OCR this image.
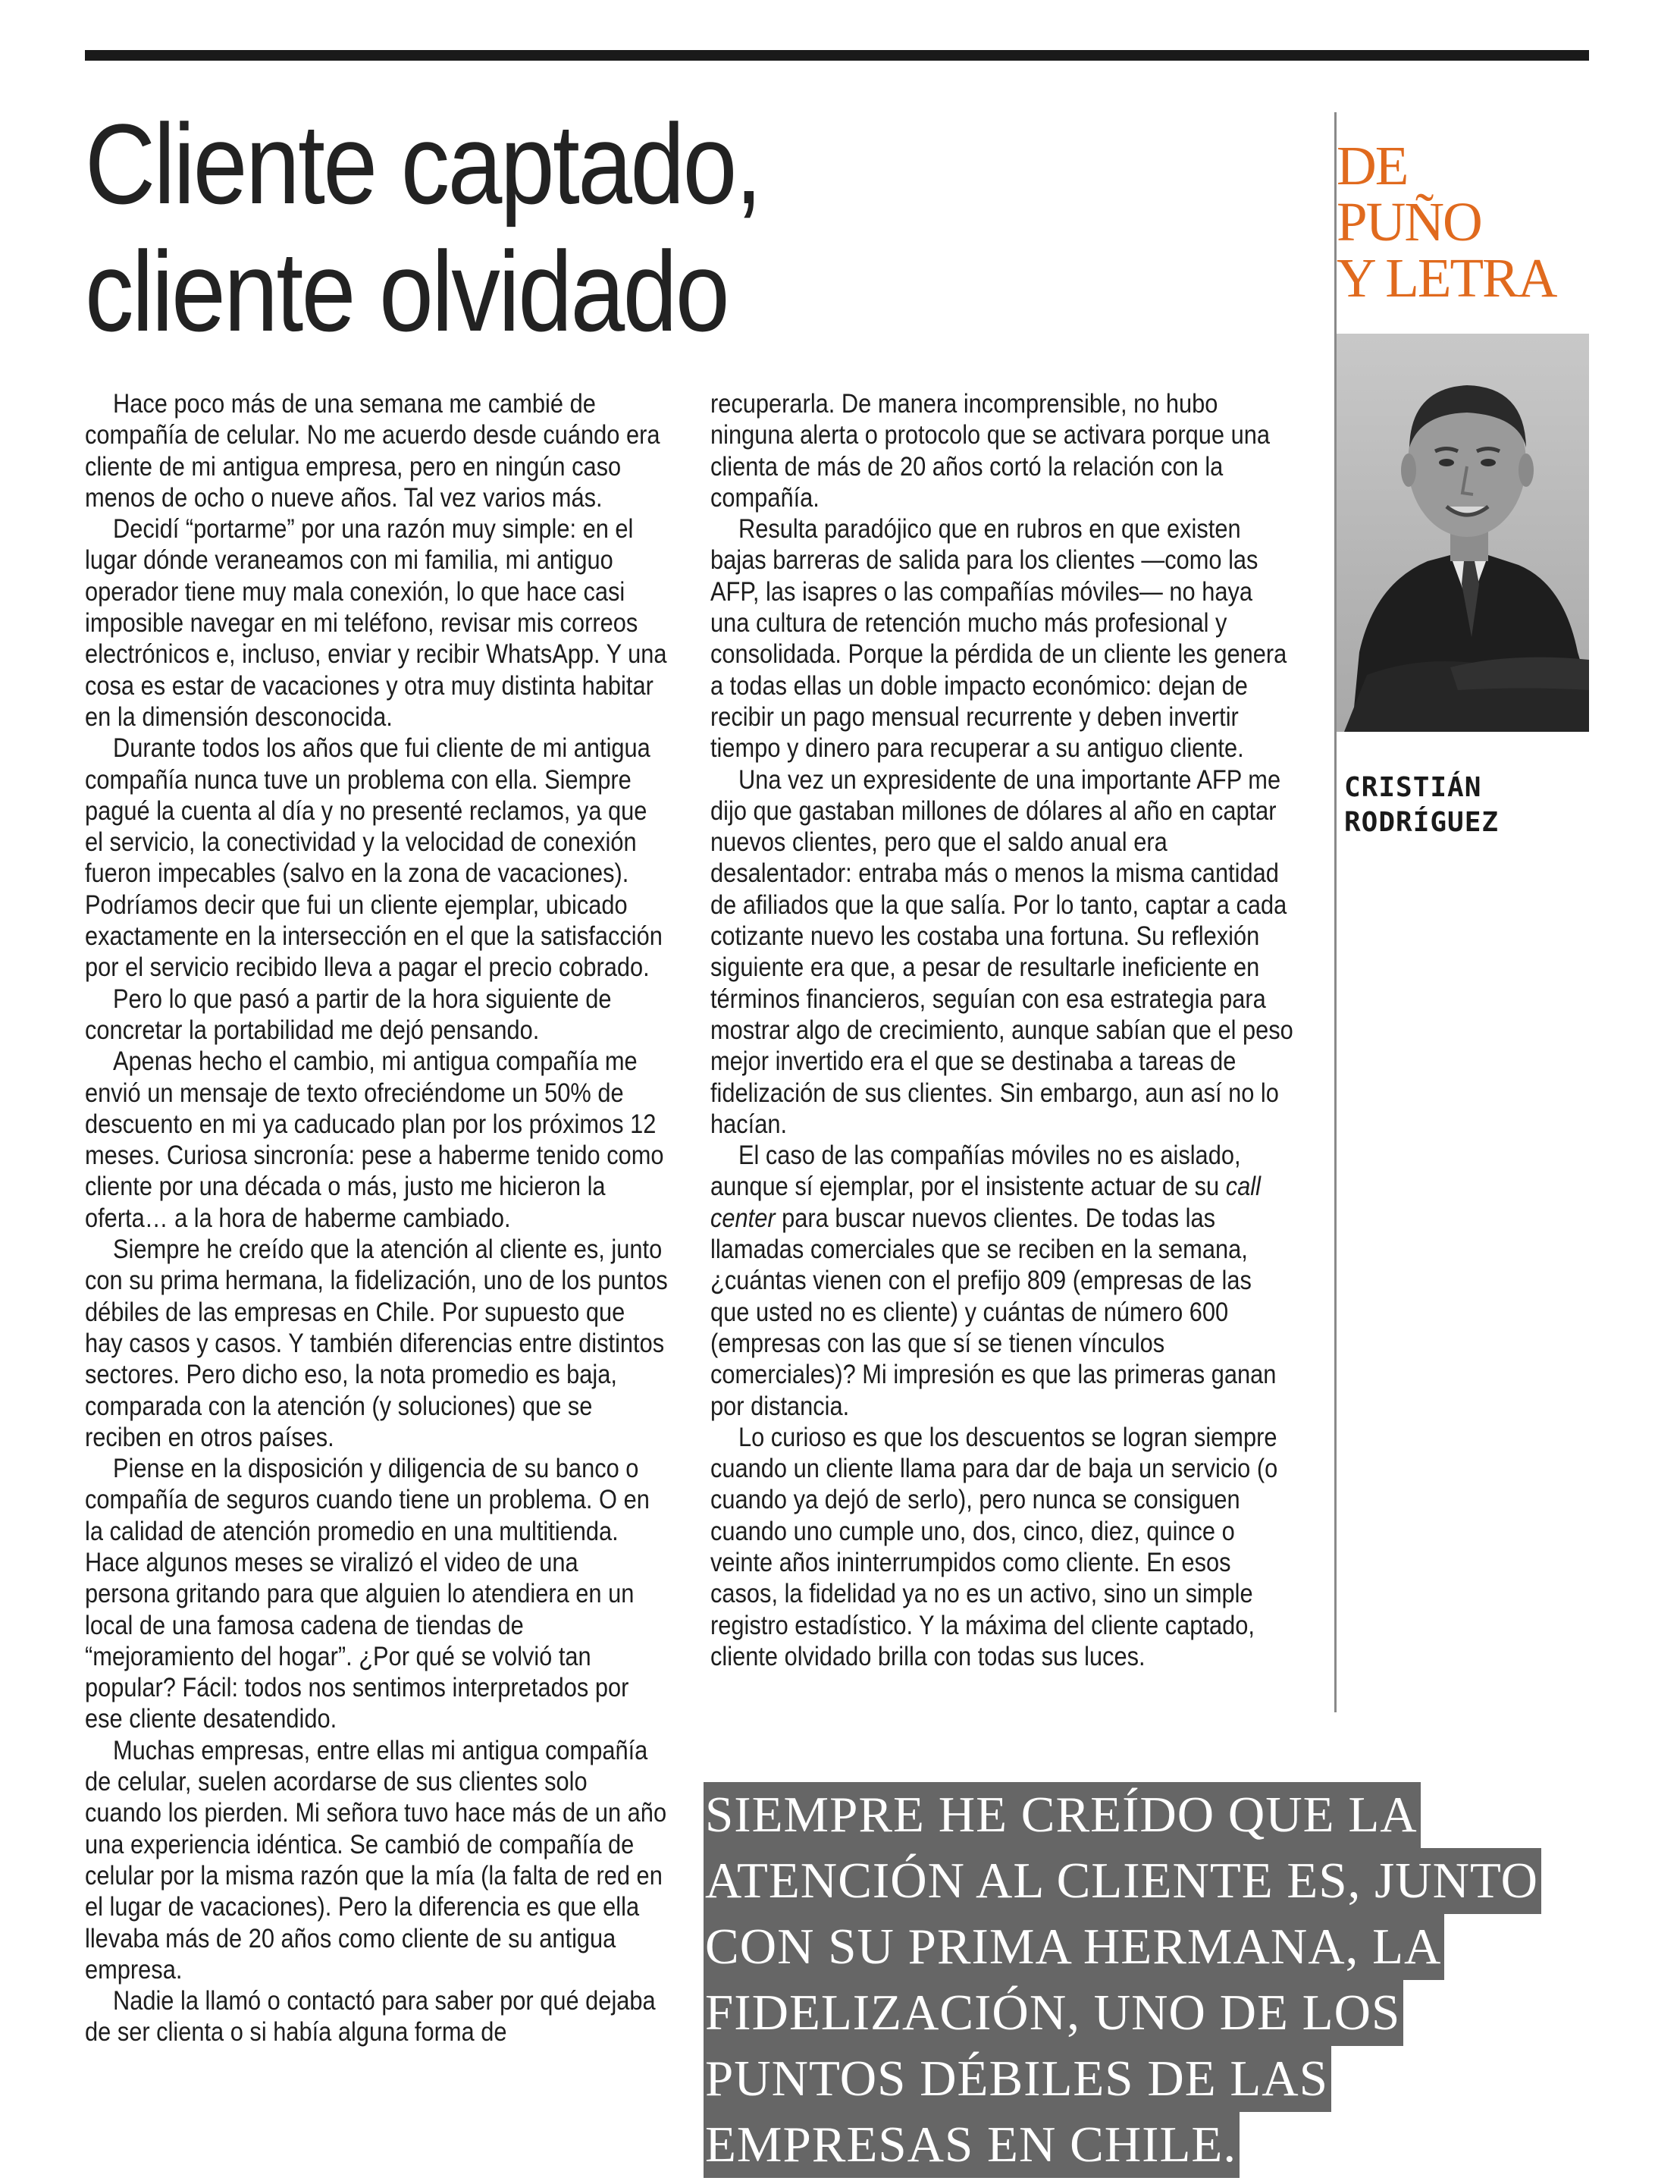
Cliente captado,
cliente olvidado

Hace poco más de una semana me cambié de compañía de celular. No me acuerdo desde cuándo era cliente de mi antigua empresa, pero en ningún caso menos de ocho o nueve años. Tal vez varios más.

Decidí “portarme” por una razón muy simple: en el lugar dónde veraneamos con mi familia, mi antiguo operador tiene muy mala conexión, lo que hace casi imposible navegar en mi teléfono, revisar mis correos electrónicos e, incluso, enviar y recibir WhatsApp. Y una cosa es estar de vacaciones y otra muy distinta habitar en la dimensión desconocida.

Durante todos los años que fui cliente de mi antigua compañía nunca tuve un problema con ella. Siempre pagué la cuenta al día y no presenté reclamos, ya que el servicio, la conectividad y la velocidad de conexión fueron impecables (salvo en la zona de vacaciones). Podríamos decir que fui un cliente ejemplar, ubicado exactamente en la intersección en el que la satisfacción por el servicio recibido lleva a pagar el precio cobrado.

Pero lo que pasó a partir de la hora siguiente de concretar la portabilidad me dejó pensando.

Apenas hecho el cambio, mi antigua compañía me envió un mensaje de texto ofreciéndome un 50% de descuento en mi ya caducado plan por los próximos 12 meses. Curiosa sincronía: pese a haberme tenido como cliente por una década o más, justo me hicieron la oferta… a la hora de haberme cambiado.

Siempre he creído que la atención al cliente es, junto con su prima hermana, la fidelización, uno de los puntos débiles de las empresas en Chile. Por supuesto que hay casos y casos. Y también diferencias entre distintos sectores. Pero dicho eso, la nota promedio es baja, comparada con la atención (y soluciones) que se reciben en otros países.

Piense en la disposición y diligencia de su banco o compañía de seguros cuando tiene un problema. O en la calidad de atención promedio en una multitienda. Hace algunos meses se viralizó el video de una persona gritando para que alguien lo atendiera en un local de una famosa cadena de tiendas de “mejoramiento del hogar”. ¿Por qué se volvió tan popular? Fácil: todos nos sentimos interpretados por ese cliente desatendido.

Muchas empresas, entre ellas mi antigua compañía de celular, suelen acordarse de sus clientes solo cuando los pierden. Mi señora tuvo hace más de un año una experiencia idéntica. Se cambió de compañía de celular por la misma razón que la mía (la falta de red en el lugar de vacaciones). Pero la diferencia es que ella llevaba más de 20 años como cliente de su antigua empresa.

Nadie la llamó o contactó para saber por qué dejaba de ser clienta o si había alguna forma de

recuperarla. De manera incomprensible, no hubo ninguna alerta o protocolo que se activara porque una clienta de más de 20 años cortó la relación con la compañía.

Resulta paradójico que en rubros en que existen bajas barreras de salida para los clientes —como las AFP, las isapres o las compañías móviles— no haya una cultura de retención mucho más profesional y consolidada. Porque la pérdida de un cliente les genera a todas ellas un doble impacto económico: dejan de recibir un pago mensual recurrente y deben invertir tiempo y dinero para recuperar a su antiguo cliente.

Una vez un expresidente de una importante AFP me dijo que gastaban millones de dólares al año en captar nuevos clientes, pero que el saldo anual era desalentador: entraba más o menos la misma cantidad de afiliados que la que salía. Por lo tanto, captar a cada cotizante nuevo les costaba una fortuna. Su reflexión siguiente era que, a pesar de resultarle ineficiente en términos financieros, seguían con esa estrategia para mostrar algo de crecimiento, aunque sabían que el peso mejor invertido era el que se destinaba a tareas de fidelización de sus clientes. Sin embargo, aun así no lo hacían.

El caso de las compañías móviles no es aislado, aunque sí ejemplar, por el insistente actuar de su call center para buscar nuevos clientes. De todas las llamadas comerciales que se reciben en la semana, ¿cuántas vienen con el prefijo 809 (empresas de las que usted no es cliente) y cuántas de número 600 (empresas con las que sí se tienen vínculos comerciales)? Mi impresión es que las primeras ganan por distancia.

Lo curioso es que los descuentos se logran siempre cuando un cliente llama para dar de baja un servicio (o cuando ya dejó de serlo), pero nunca se consiguen cuando uno cumple uno, dos, cinco, diez, quince o veinte años ininterrumpidos como cliente. En esos casos, la fidelidad ya no es un activo, sino un simple registro estadístico. Y la máxima del cliente captado, cliente olvidado brilla con todas sus luces.

DE
PUÑO
Y LETRA
CRISTIÁN
RODRÍGUEZ
SIEMPRE HE CREÍDO QUE LA
ATENCIÓN AL CLIENTE ES, JUNTO
CON SU PRIMA HERMANA, LA
FIDELIZACIÓN, UNO DE LOS
PUNTOS DÉBILES DE LAS
EMPRESAS EN CHILE.
